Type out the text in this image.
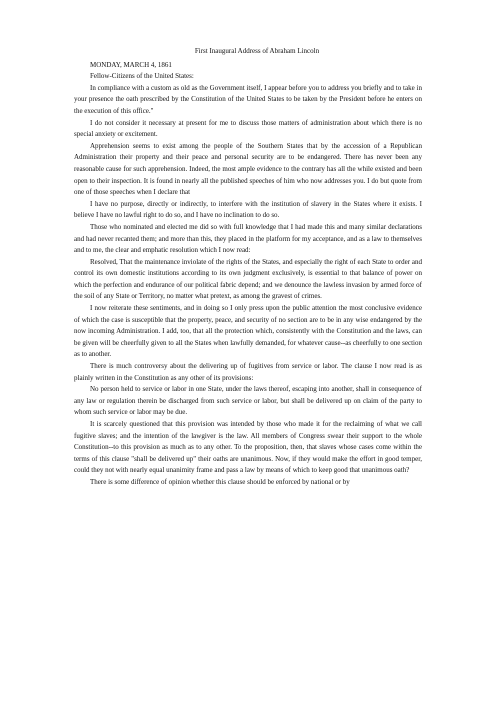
First Inaugural Address of Abraham Lincoln

MONDAY, MARCH 4, 1861

Fellow-Citizens of the United States:

In compliance with a custom as old as the Government itself, I appear before you to address you briefly and to take in your presence the oath prescribed by the Constitution of the United States to be taken by the President before he enters on the execution of this office."

I do not consider it necessary at present for me to discuss those matters of administration about which there is no special anxiety or excitement.

Apprehension seems to exist among the people of the Southern States that by the accession of a Republican Administration their property and their peace and personal security are to be endangered. There has never been any reasonable cause for such apprehension. Indeed, the most ample evidence to the contrary has all the while existed and been open to their inspection. It is found in nearly all the published speeches of him who now addresses you. I do but quote from one of those speeches when I declare that

I have no purpose, directly or indirectly, to interfere with the institution of slavery in the States where it exists. I believe I have no lawful right to do so, and I have no inclination to do so.

Those who nominated and elected me did so with full knowledge that I had made this and many similar declarations and had never recanted them; and more than this, they placed in the platform for my acceptance, and as a law to themselves and to me, the clear and emphatic resolution which I now read:

Resolved, That the maintenance inviolate of the rights of the States, and especially the right of each State to order and control its own domestic institutions according to its own judgment exclusively, is essential to that balance of power on which the perfection and endurance of our political fabric depend; and we denounce the lawless invasion by armed force of the soil of any State or Territory, no matter what pretext, as among the gravest of crimes.

I now reiterate these sentiments, and in doing so I only press upon the public attention the most conclusive evidence of which the case is susceptible that the property, peace, and security of no section are to be in any wise endangered by the now incoming Administration. I add, too, that all the protection which, consistently with the Constitution and the laws, can be given will be cheerfully given to all the States when lawfully demanded, for whatever cause--as cheerfully to one section as to another.

There is much controversy about the delivering up of fugitives from service or labor. The clause I now read is as plainly written in the Constitution as any other of its provisions:

No person held to service or labor in one State, under the laws thereof, escaping into another, shall in consequence of any law or regulation therein be discharged from such service or labor, but shall be delivered up on claim of the party to whom such service or labor may be due.

It is scarcely questioned that this provision was intended by those who made it for the reclaiming of what we call fugitive slaves; and the intention of the lawgiver is the law. All members of Congress swear their support to the whole Constitution--to this provision as much as to any other. To the proposition, then, that slaves whose cases come within the terms of this clause "shall be delivered up" their oaths are unanimous. Now, if they would make the effort in good temper, could they not with nearly equal unanimity frame and pass a law by means of which to keep good that unanimous oath?

There is some difference of opinion whether this clause should be enforced by national or by
